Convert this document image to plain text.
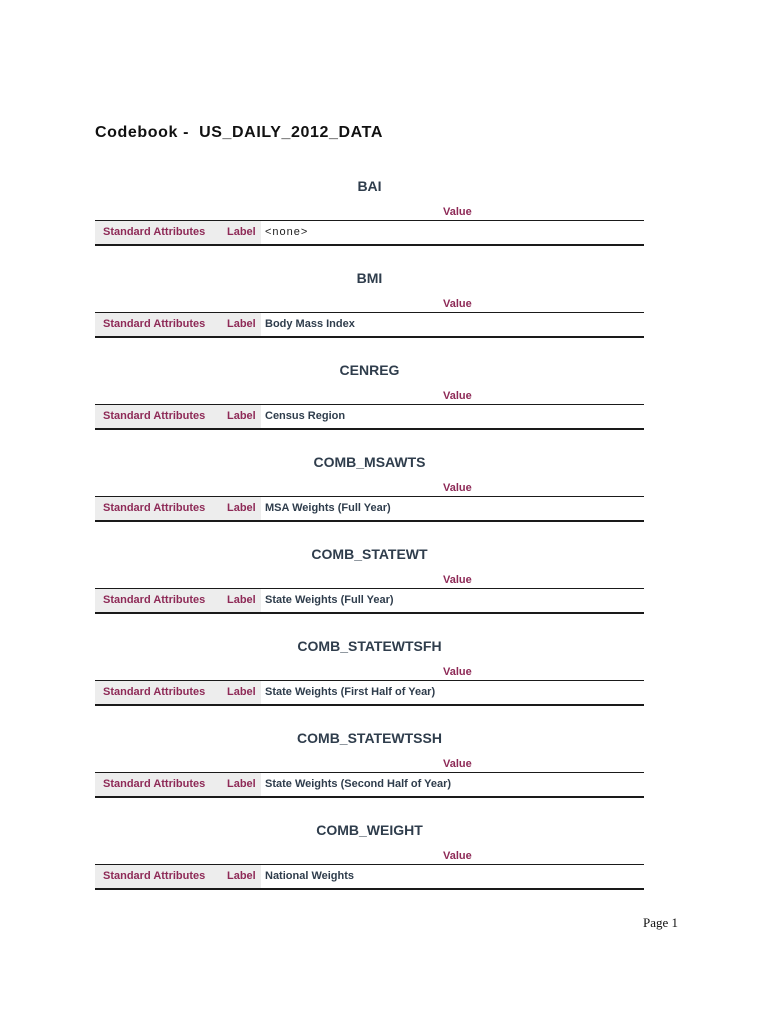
Codebook -  US_DAILY_2012_DATA
BAI
Value
Standard Attributes Label <none>
BMI
Value
Standard Attributes Label Body Mass Index
CENREG
Value
Standard Attributes Label Census Region
COMB_MSAWTS
Value
Standard Attributes Label MSA Weights (Full Year)
COMB_STATEWT
Value
Standard Attributes Label State Weights (Full Year)
COMB_STATEWTSFH
Value
Standard Attributes Label State Weights (First Half of Year)
COMB_STATEWTSSH
Value
Standard Attributes Label State Weights (Second Half of Year)
COMB_WEIGHT
Value
Standard Attributes Label National Weights
Page 1
